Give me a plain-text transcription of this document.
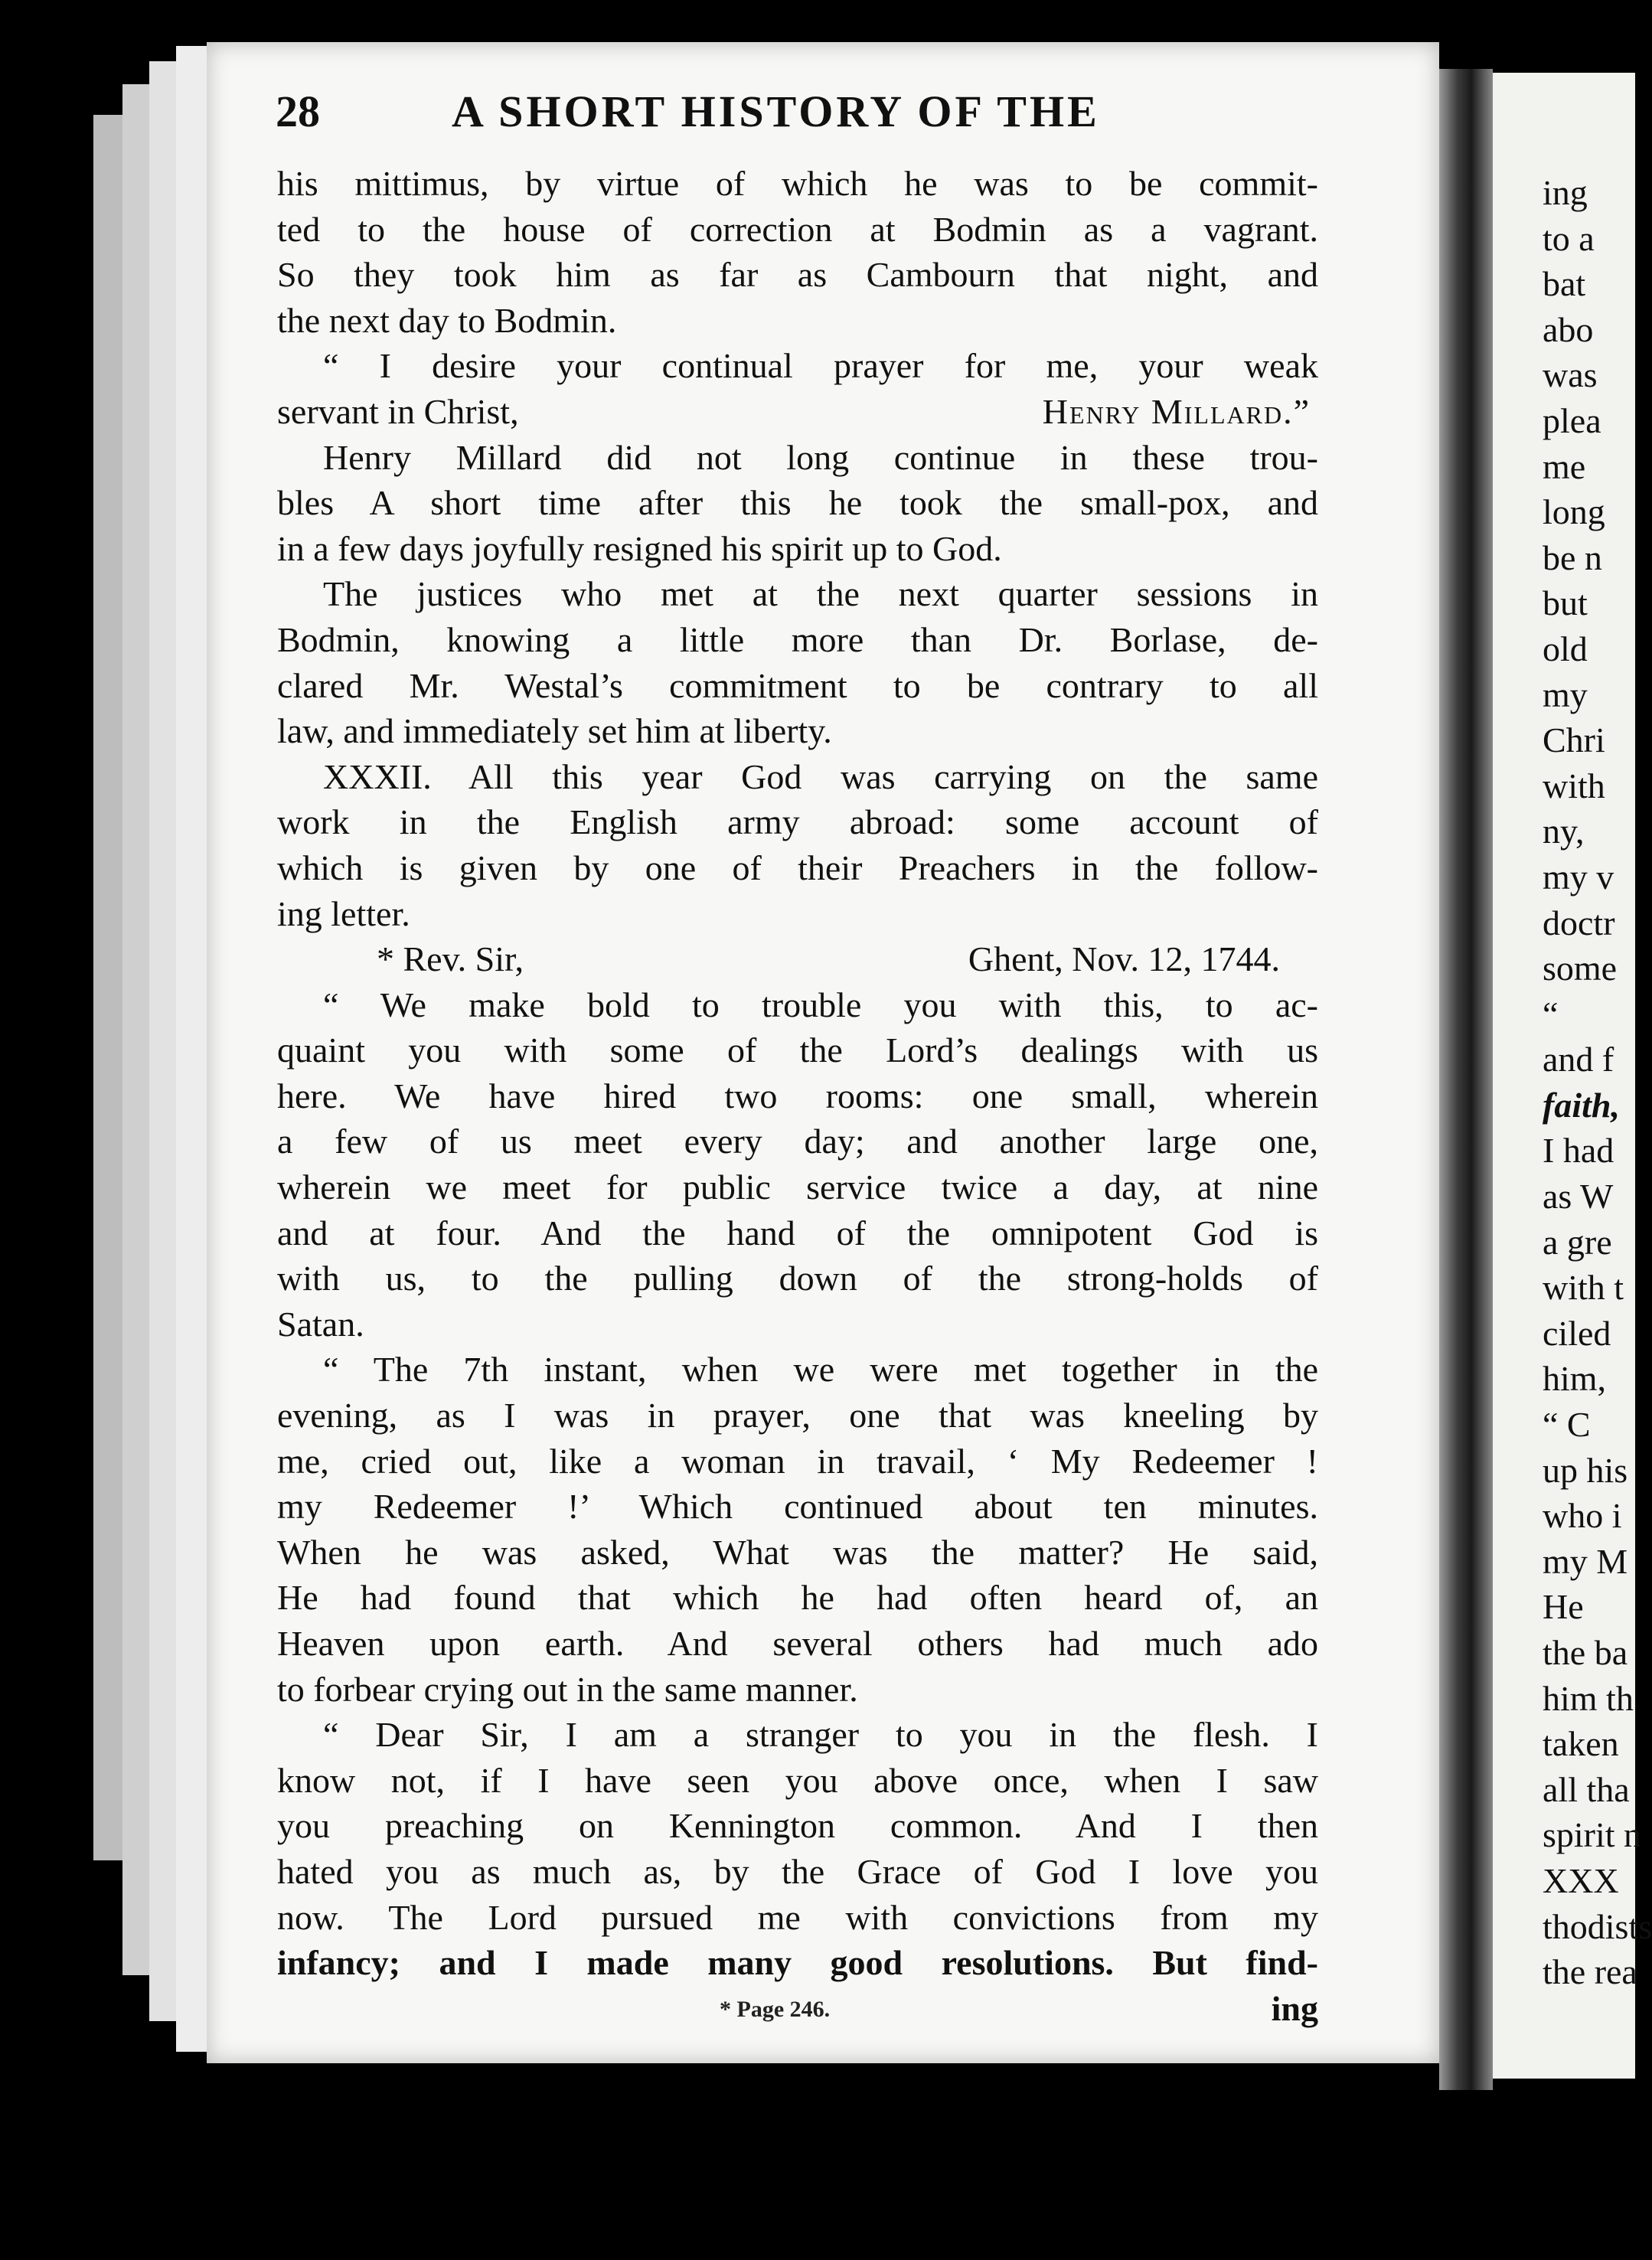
28	A SHORT HISTORY OF THE
his mittimus, by virtue of which he was to be commit-
ted to the house of correction at Bodmin as a vagrant.
So they took him as far as Cambourn that night, and
the next day to Bodmin.
“ I desire your continual prayer for me, your weak
servant in Christ,	Henry Millard.”
Henry Millard did not long continue in these trou-
bles A short time after this he took the small-pox, and
in a few days joyfully resigned his spirit up to God.
The justices who met at the next quarter sessions in
Bodmin, knowing a little more than Dr. Borlase, de-
clared Mr. Westal’s commitment to be contrary to all
law, and immediately set him at liberty.
XXXII. All this year God was carrying on the same
work in the English army abroad: some account of
which is given by one of their Preachers in the follow-
ing letter.
* Rev. Sir,	Ghent, Nov. 12, 1744.
“ We make bold to trouble you with this, to ac-
quaint you with some of the Lord’s dealings with us
here. We have hired two rooms: one small, wherein
a few of us meet every day; and another large one,
wherein we meet for public service twice a day, at nine
and at four. And the hand of the omnipotent God is
with us, to the pulling down of the strong-holds of
Satan.
“ The 7th instant, when we were met together in the
evening, as I was in prayer, one that was kneeling by
me, cried out, like a woman in travail, ‘ My Redeemer !
my Redeemer !’ Which continued about ten minutes.
When he was asked, What was the matter? He said,
He had found that which he had often heard of, an
Heaven upon earth. And several others had much ado
to forbear crying out in the same manner.
“ Dear Sir, I am a stranger to you in the flesh. I
know not, if I have seen you above once, when I saw
you preaching on Kennington common. And I then
hated you as much as, by the Grace of God I love you
now. The Lord pursued me with convictions from my
infancy; and I made many good resolutions. But find-
ing
* Page 246.
ing
to a
bat
abo
was
plea
me
long
be n
but
old
my
Chri
with
ny,
my v
doctr
some
“
and f
faith,
I had
as W
a gre
with t
ciled
him,
“ C
up his
who i
my M
He
the ba
him th
taken
all tha
spirit n
XXX
thodists
the rea
